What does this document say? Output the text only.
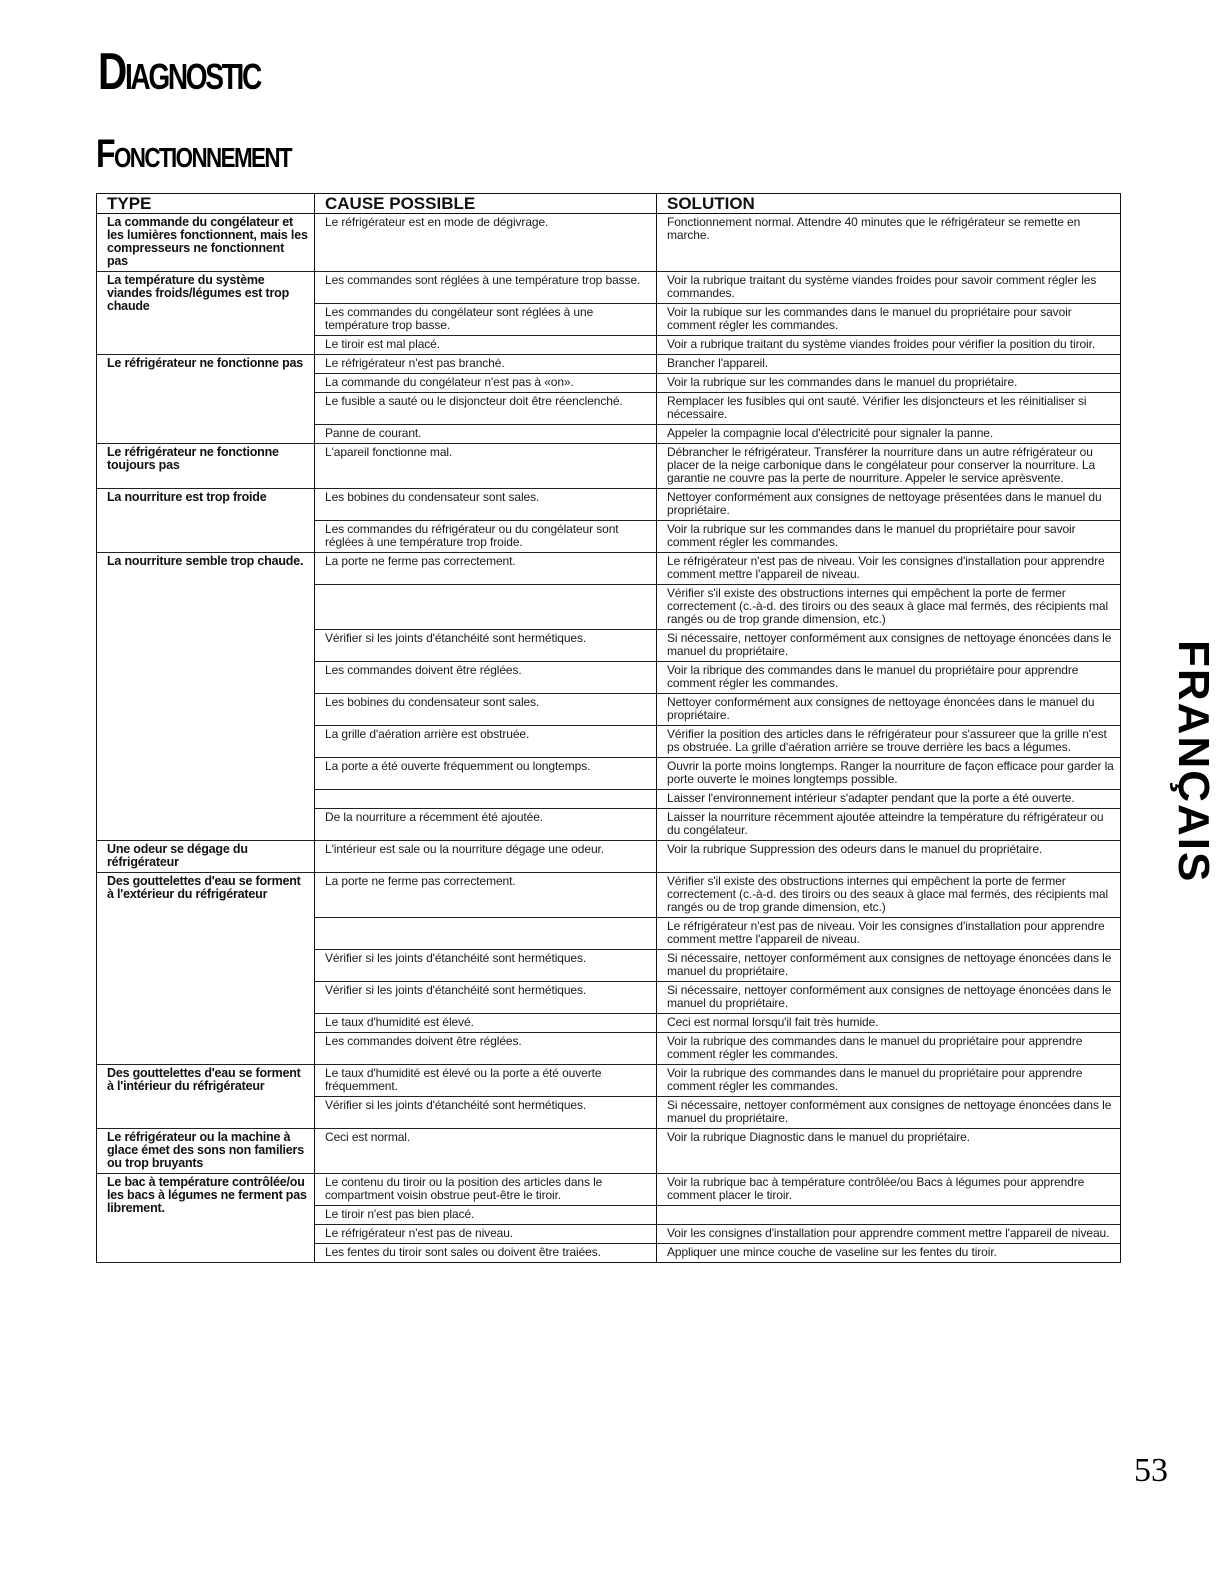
Diagnostic
Fonctionnement
FRANÇAIS
TYPE	CAUSE POSSIBLE	SOLUTION
La commande du congélateur et les lumières fonctionnent, mais les compresseurs ne fonctionnent pas	Le réfrigérateur est en mode de dégivrage.	Fonctionnement normal. Attendre 40 minutes que le réfrigérateur se remette en marche.
La température du système viandes froids/légumes est trop chaude	Les commandes sont réglées à une température trop basse.	Voir la rubrique traitant du système viandes froides pour savoir comment régler les commandes.
	Les commandes du congélateur sont réglées à une température trop basse.	Voir la rubique sur les commandes dans le manuel du propriétaire pour savoir comment régler les commandes.
	Le tiroir est mal placé.	Voir a rubrique traitant du système viandes froides pour vérifier la position du tiroir.
Le réfrigérateur ne fonctionne pas	Le réfrigérateur n'est pas branché.	Brancher l'appareil.
	La commande du congélateur n'est pas à «on».	Voir la rubrique sur les commandes dans le manuel du propriétaire.
	Le fusible a sauté ou le disjoncteur doit être réenclenché.	Remplacer les fusibles qui ont sauté. Vérifier les disjoncteurs et les réinitialiser si nécessaire.
	Panne de courant.	Appeler la compagnie local d'électricité pour signaler la panne.
Le réfrigérateur ne fonctionne toujours pas	L'apareil fonctionne mal.	Débrancher le réfrigérateur. Transférer la nourriture dans un autre réfrigérateur ou placer de la neige carbonique dans le congélateur pour conserver la nourriture. La garantie ne couvre pas la perte de nourriture. Appeler le service aprèsvente.
La nourriture est trop froide	Les bobines du condensateur sont sales.	Nettoyer conformément aux consignes de nettoyage présentées dans le manuel du propriétaire.
	Les commandes du réfrigérateur ou du congélateur sont réglées à une température trop froide.	Voir la rubrique sur les commandes dans le manuel du propriétaire pour savoir comment régler les commandes.
La nourriture semble trop chaude.	La porte ne ferme pas correctement.	Le réfrigérateur n'est pas de niveau. Voir les consignes d'installation pour apprendre comment mettre l'appareil de niveau.
		Vérifier s'il existe des obstructions internes qui empêchent la porte de fermer correctement (c.-à-d. des tiroirs ou des seaux à glace mal fermés, des récipients mal rangés ou de trop grande dimension, etc.)
	Vérifier si les joints d'étanchéité sont hermétiques.	Si nécessaire, nettoyer conformément aux consignes de nettoyage énoncées dans le manuel du propriétaire.
	Les commandes doivent être réglées.	Voir la ribrique des commandes dans le manuel du propriétaire pour apprendre comment régler les commandes.
	Les bobines du condensateur sont sales.	Nettoyer conformément aux consignes de nettoyage énoncées dans le manuel du propriétaire.
	La grille d'aération arrière est obstruée.	Vérifier la position des articles dans le réfrigérateur pour s'assureer que la grille n'est ps obstruée. La grille d'aération arrière se trouve derrière les bacs a légumes.
	La porte a été ouverte fréquemment ou longtemps.	Ouvrir la porte moins longtemps. Ranger la nourriture de façon efficace pour garder la porte ouverte le moines longtemps possible.
		Laisser l'environnement intérieur s'adapter pendant que la porte a été ouverte.
	De la nourriture a récemment été ajoutée.	Laisser la nourriture récemment ajoutée atteindre la température du réfrigérateur ou du congélateur.
Une odeur se dégage du réfrigérateur	L'intérieur est sale ou la nourriture dégage une odeur.	Voir la rubrique Suppression des odeurs dans le manuel du propriétaire.
Des gouttelettes d'eau se forment à l'extérieur du réfrigérateur	La porte ne ferme pas correctement.	Vérifier s'il existe des obstructions internes qui empêchent la porte de fermer correctement (c.-à-d. des tiroirs ou des seaux à glace mal fermés, des récipients mal rangés ou de trop grande dimension, etc.)
		Le réfrigérateur n'est pas de niveau. Voir les consignes d'installation pour apprendre comment mettre l'appareil de niveau.
	Vérifier si les joints d'étanchéité sont hermétiques.	Si nécessaire, nettoyer conformément aux consignes de nettoyage énoncées dans le manuel du propriétaire.
	Vérifier si les joints d'étanchéité sont hermétiques.	Si nécessaire, nettoyer conformément aux consignes de nettoyage énoncées dans le manuel du propriétaire.
	Le taux d'humidité est élevé.	Ceci est normal lorsqu'il fait très humide.
	Les commandes doivent être réglées.	Voir la rubrique des commandes dans le manuel du propriétaire pour apprendre comment régler les commandes.
Des gouttelettes d'eau se forment à l'intérieur du réfrigérateur	Le taux d'humidité est élevé ou la porte a été ouverte fréquemment.	Voir la rubrique des commandes dans le manuel du propriétaire pour apprendre comment régler les commandes.
	Vérifier si les joints d'étanchéité sont hermétiques.	Si nécessaire, nettoyer conformément aux consignes de nettoyage énoncées dans le manuel du propriétaire.
Le réfrigérateur ou la machine à glace émet des sons non familiers ou trop bruyants	Ceci est normal.	Voir la rubrique Diagnostic dans le manuel du propriétaire.
Le bac à température contrôlée/ou les bacs à légumes ne ferment pas librement.	Le contenu du tiroir ou la position des articles dans le compartment voisin obstrue peut-être le tiroir.	Voir la rubrique bac à température contrôlée/ou Bacs à légumes pour apprendre comment placer le tiroir.
	Le tiroir n'est pas bien placé.	
	Le réfrigérateur n'est pas de niveau.	Voir les consignes d'installation pour apprendre comment mettre l'appareil de niveau.
	Les fentes du tiroir sont sales ou doivent être traiées.	Appliquer une mince couche de vaseline sur les fentes du tiroir.
53
